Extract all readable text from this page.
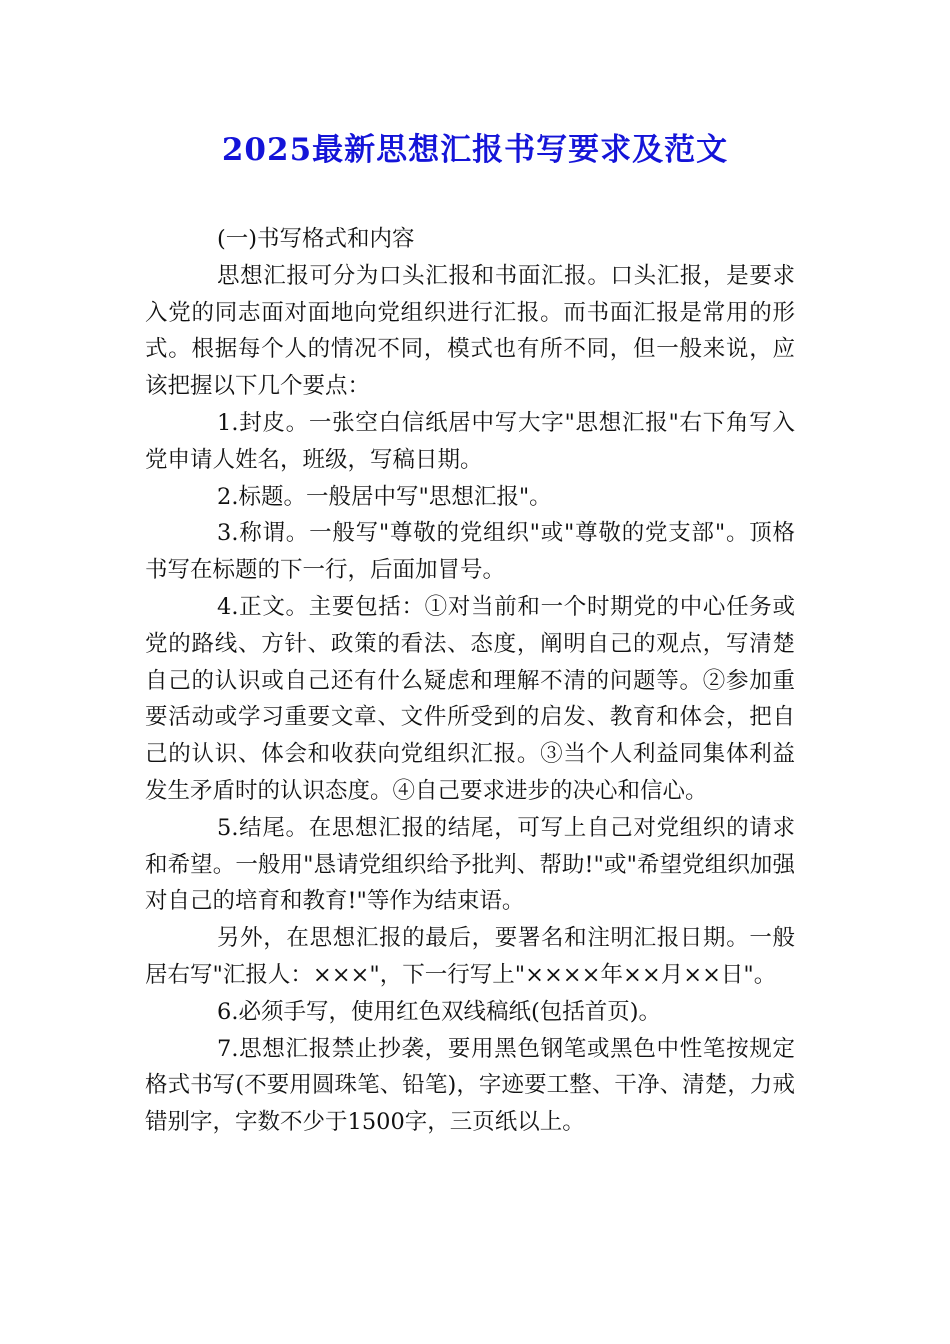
2025最新思想汇报书写要求及范文

(一)书写格式和内容

思想汇报可分为口头汇报和书面汇报。口头汇报，是要求入党的同志面对面地向党组织进行汇报。而书面汇报是常用的形式。根据每个人的情况不同，模式也有所不同，但一般来说，应该把握以下几个要点：

1.封皮。一张空白信纸居中写大字"思想汇报"右下角写入党申请人姓名，班级，写稿日期。

2.标题。一般居中写"思想汇报"。

3.称谓。一般写"尊敬的党组织"或"尊敬的党支部"。顶格书写在标题的下一行，后面加冒号。

4.正文。主要包括：①对当前和一个时期党的中心任务或党的路线、方针、政策的看法、态度，阐明自己的观点，写清楚自己的认识或自己还有什么疑虑和理解不清的问题等。②参加重要活动或学习重要文章、文件所受到的启发、教育和体会，把自己的认识、体会和收获向党组织汇报。③当个人利益同集体利益发生矛盾时的认识态度。④自己要求进步的决心和信心。

5.结尾。在思想汇报的结尾，可写上自己对党组织的请求和希望。一般用"恳请党组织给予批判、帮助!"或"希望党组织加强对自己的培育和教育!"等作为结束语。

另外，在思想汇报的最后，要署名和注明汇报日期。一般居右写"汇报人：×××"，下一行写上"××××年××月××日"。

6.必须手写，使用红色双线稿纸(包括首页)。

7.思想汇报禁止抄袭，要用黑色钢笔或黑色中性笔按规定格式书写(不要用圆珠笔、铅笔)，字迹要工整、干净、清楚，力戒错别字，字数不少于1500字，三页纸以上。
